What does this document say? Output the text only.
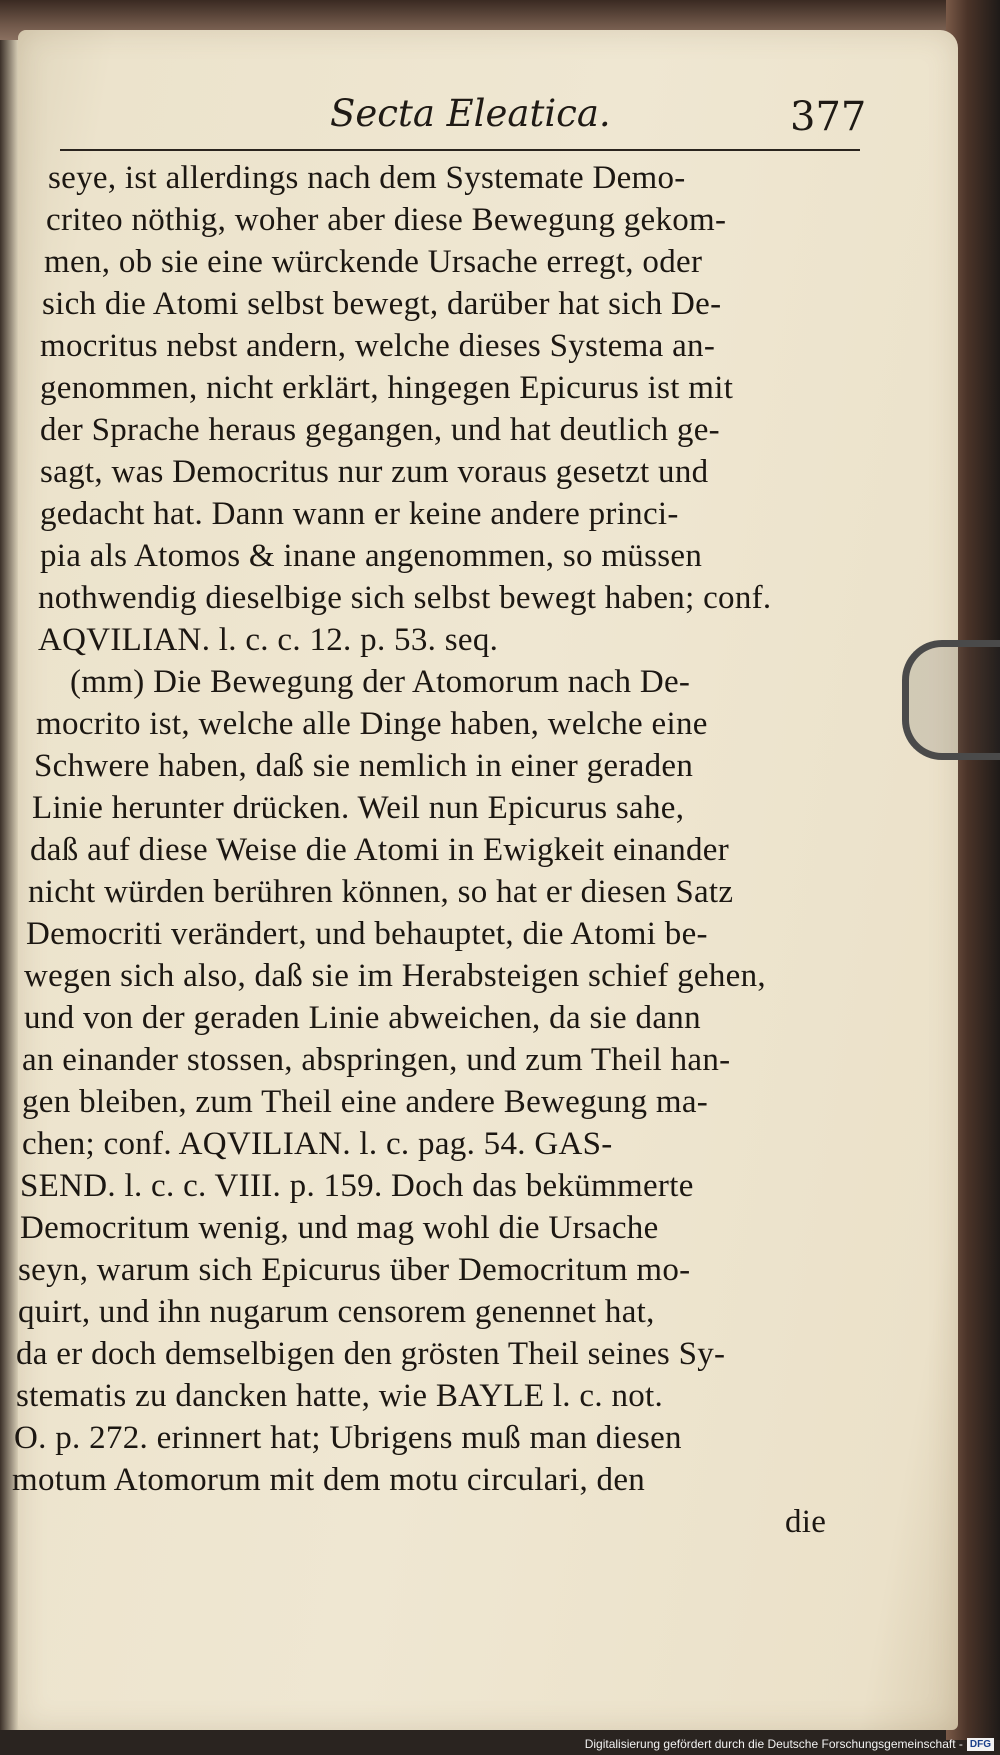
Secta Eleatica.	377
seye, ist allerdings nach dem Systemate Demo-
criteo nöthig, woher aber diese Bewegung gekom-
men, ob sie eine würckende Ursache erregt, oder
sich die Atomi selbst bewegt, darüber hat sich De-
mocritus nebst andern, welche dieses Systema an-
genommen, nicht erklärt, hingegen Epicurus ist mit
der Sprache heraus gegangen, und hat deutlich ge-
sagt, was Democritus nur zum voraus gesetzt und
gedacht hat. Dann wann er keine andere princi-
pia als Atomos & inane angenommen, so müssen
nothwendig dieselbige sich selbst bewegt haben; conf.
AQVILIAN. l. c. c. 12. p. 53. seq.
(mm) Die Bewegung der Atomorum nach De-
mocrito ist, welche alle Dinge haben, welche eine
Schwere haben, daß sie nemlich in einer geraden
Linie herunter drücken. Weil nun Epicurus sahe,
daß auf diese Weise die Atomi in Ewigkeit einander
nicht würden berühren können, so hat er diesen Satz
Democriti verändert, und behauptet, die Atomi be-
wegen sich also, daß sie im Herabsteigen schief gehen,
und von der geraden Linie abweichen, da sie dann
an einander stossen, abspringen, und zum Theil han-
gen bleiben, zum Theil eine andere Bewegung ma-
chen; conf. AQVILIAN. l. c. pag. 54. GAS-
SEND. l. c. c. VIII. p. 159. Doch das bekümmerte
Democritum wenig, und mag wohl die Ursache
seyn, warum sich Epicurus über Democritum mo-
quirt, und ihn nugarum censorem genennet hat,
da er doch demselbigen den grösten Theil seines Sy-
stematis zu dancken hatte, wie BAYLE l. c. not.
O. p. 272. erinnert hat; Ubrigens muß man diesen
motum Atomorum mit dem motu circulari, den
die
Digitalisierung gefördert durch die Deutsche Forschungsgemeinschaft - DFG
